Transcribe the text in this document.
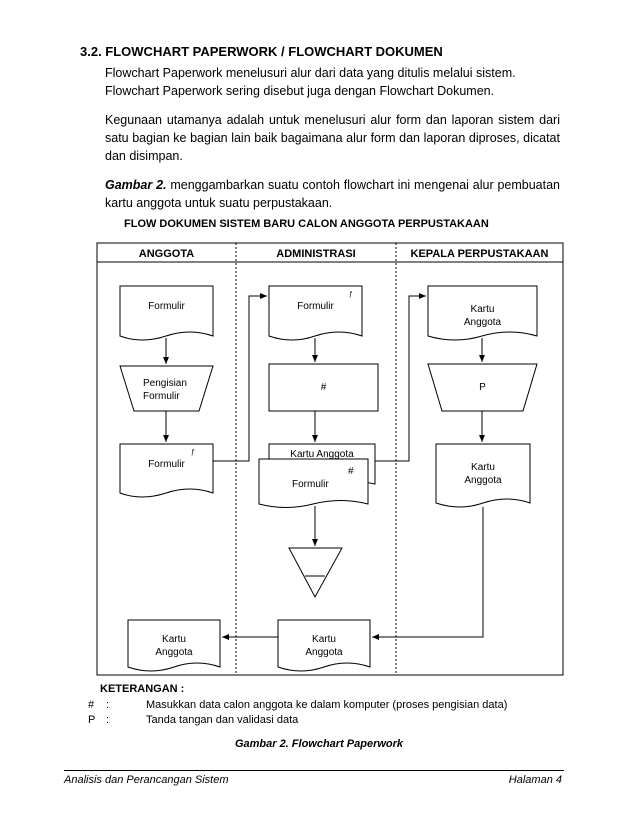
3.2. FLOWCHART PAPERWORK / FLOWCHART DOKUMEN
Flowchart Paperwork menelusuri alur dari data yang ditulis melalui sistem.
Flowchart Paperwork sering disebut juga dengan Flowchart Dokumen.
Kegunaan utamanya adalah untuk menelusuri alur form dan laporan sistem dari satu bagian ke bagian lain baik bagaimana alur form dan laporan diproses, dicatat dan disimpan.
Gambar 2. menggambarkan suatu contoh flowchart ini mengenai alur pembuatan kartu anggota untuk suatu perpustakaan.
FLOW DOKUMEN SISTEM BARU CALON ANGGOTA PERPUSTAKAAN
ANGGOTA	ADMINISTRASI	KEPALA PERPUSTAKAAN
Formulir
Pengisian
Formulir
Formulir
ƒ
Formulir
ƒ
#
Kartu Anggota
#
Formulir
Kartu
Anggota
P
Kartu
Anggota
Kartu
Anggota
Kartu
Anggota
KETERANGAN :
# :	Masukkan data calon anggota ke dalam komputer (proses pengisian data)
P :	Tanda tangan dan validasi data
Gambar 2. Flowchart Paperwork
Analisis dan Perancangan Sistem	Halaman 4
